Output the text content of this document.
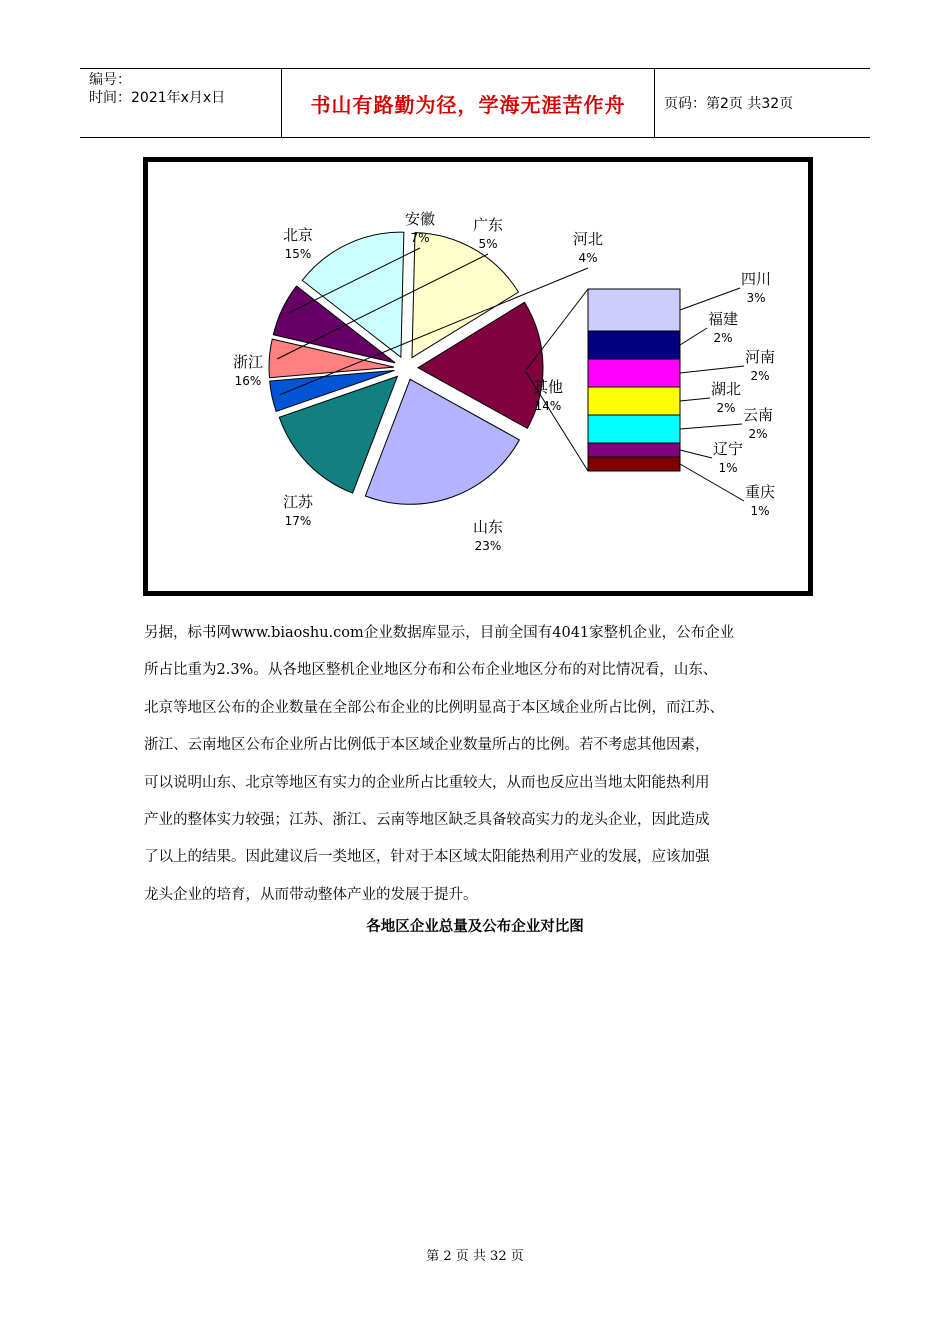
编号：
时间：2021年x月x日	书山有路勤为径，学海无涯苦作舟	页码：第2页 共32页
山东
23%
其他
14%
河北
4%
广东
5%
安徽
7%
北京
15%
浙江
16%
江苏
17%
四川
3%
福建
2%
河南
2%
湖北
2% 云南
2%
辽宁
1%
重庆
1%
另据，标书网www.biaoshu.com企业数据库显示，目前全国有4041家整机企业，公布企业
所占比重为2.3%。从各地区整机企业地区分布和公布企业地区分布的对比情况看，山东、
北京等地区公布的企业数量在全部公布企业的比例明显高于本区域企业所占比例，而江苏、
浙江、云南地区公布企业所占比例低于本区域企业数量所占的比例。若不考虑其他因素，
可以说明山东、北京等地区有实力的企业所占比重较大，从而也反应出当地太阳能热利用
产业的整体实力较强；江苏、浙江、云南等地区缺乏具备较高实力的龙头企业，因此造成
了以上的结果。因此建议后一类地区，针对于本区域太阳能热利用产业的发展，应该加强
龙头企业的培育，从而带动整体产业的发展于提升。
各地区企业总量及公布企业对比图
第 2 页 共 32 页
